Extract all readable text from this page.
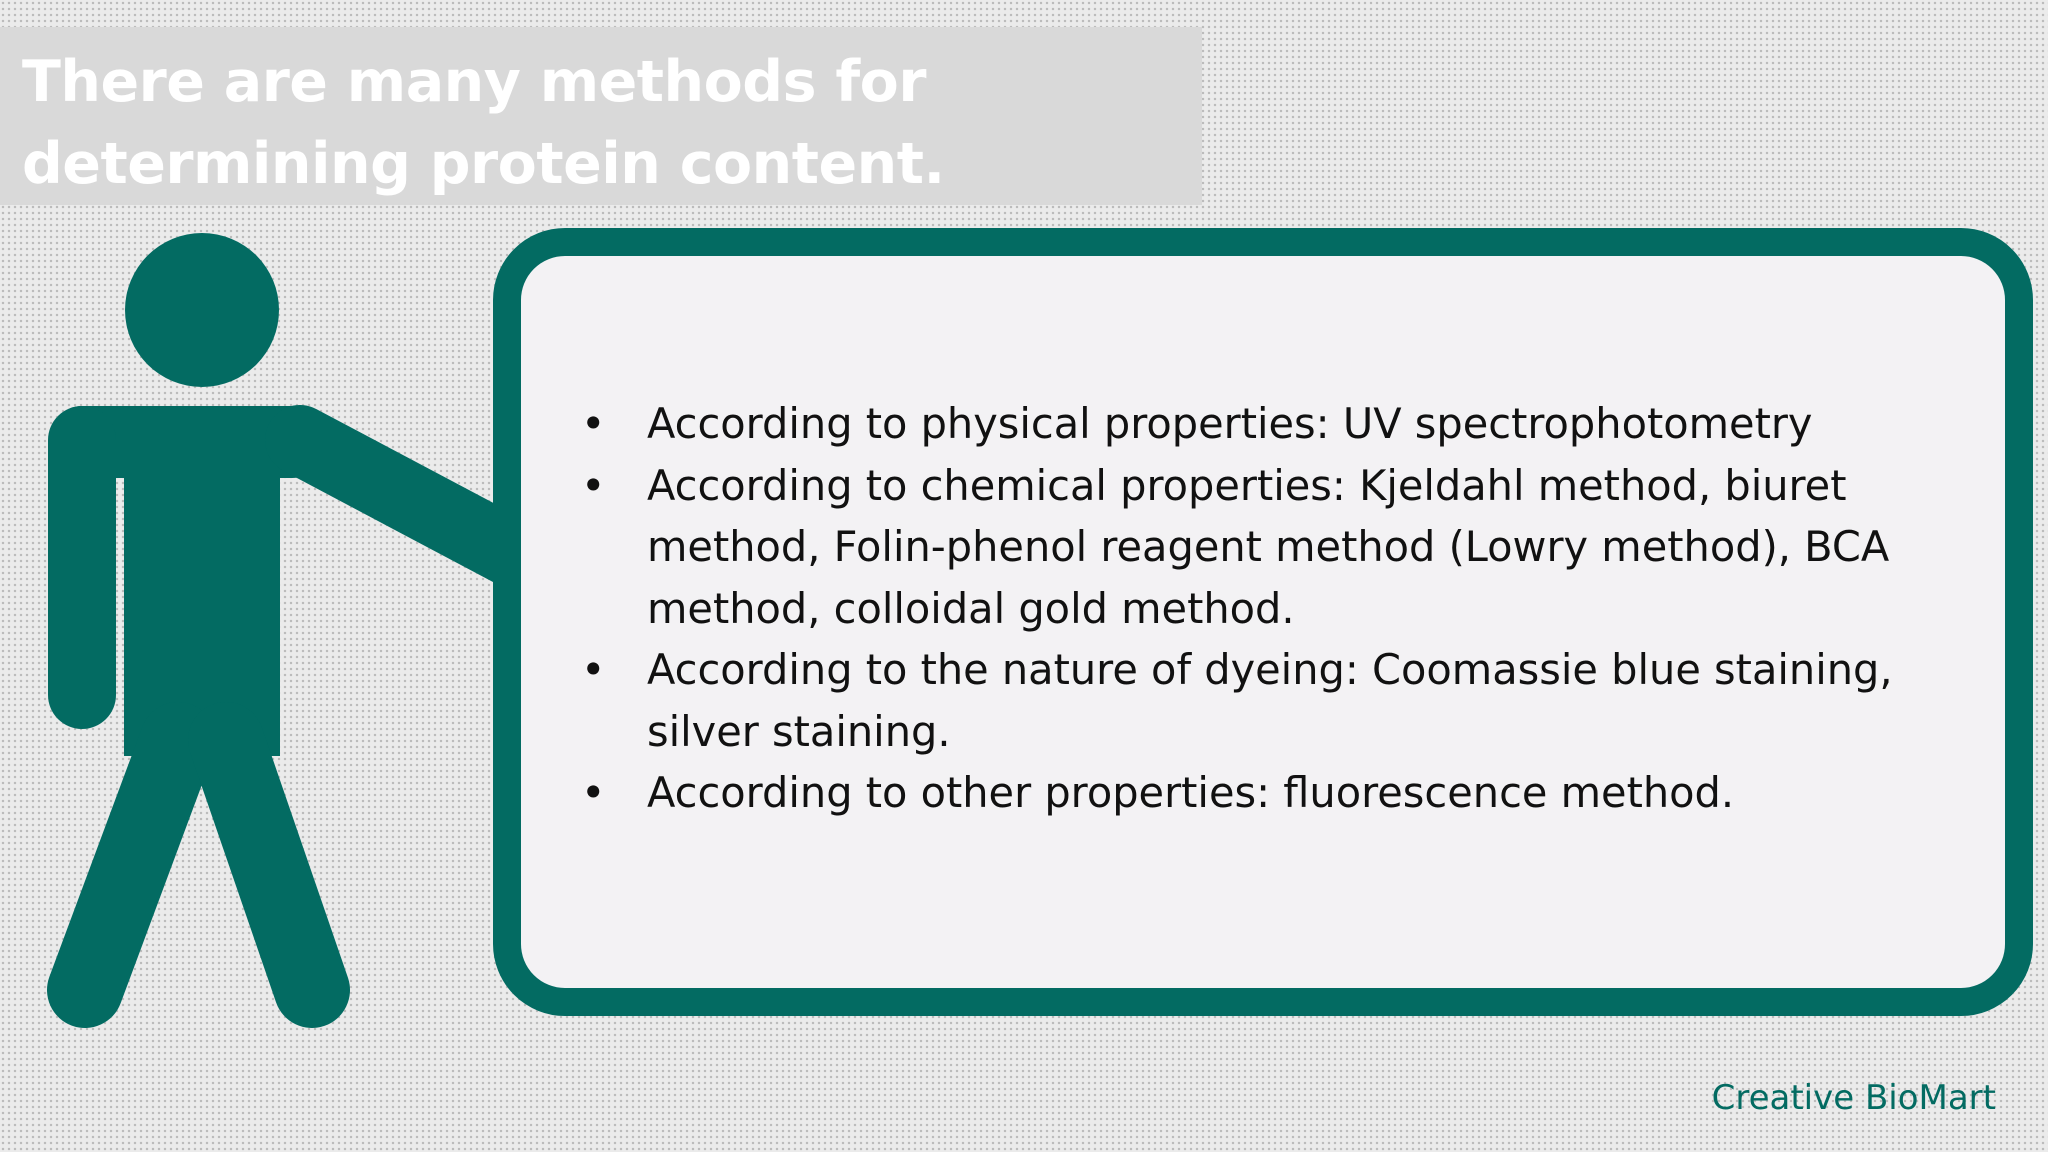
There are many methods for
determining protein content.
• According to physical properties: UV spectrophotometry
• According to chemical properties: Kjeldahl method, biuret method, Folin-phenol reagent method (Lowry method), BCA method, colloidal gold method.
• According to the nature of dyeing: Coomassie blue staining, silver staining.
• According to other properties: fluorescence method.
Creative BioMart
